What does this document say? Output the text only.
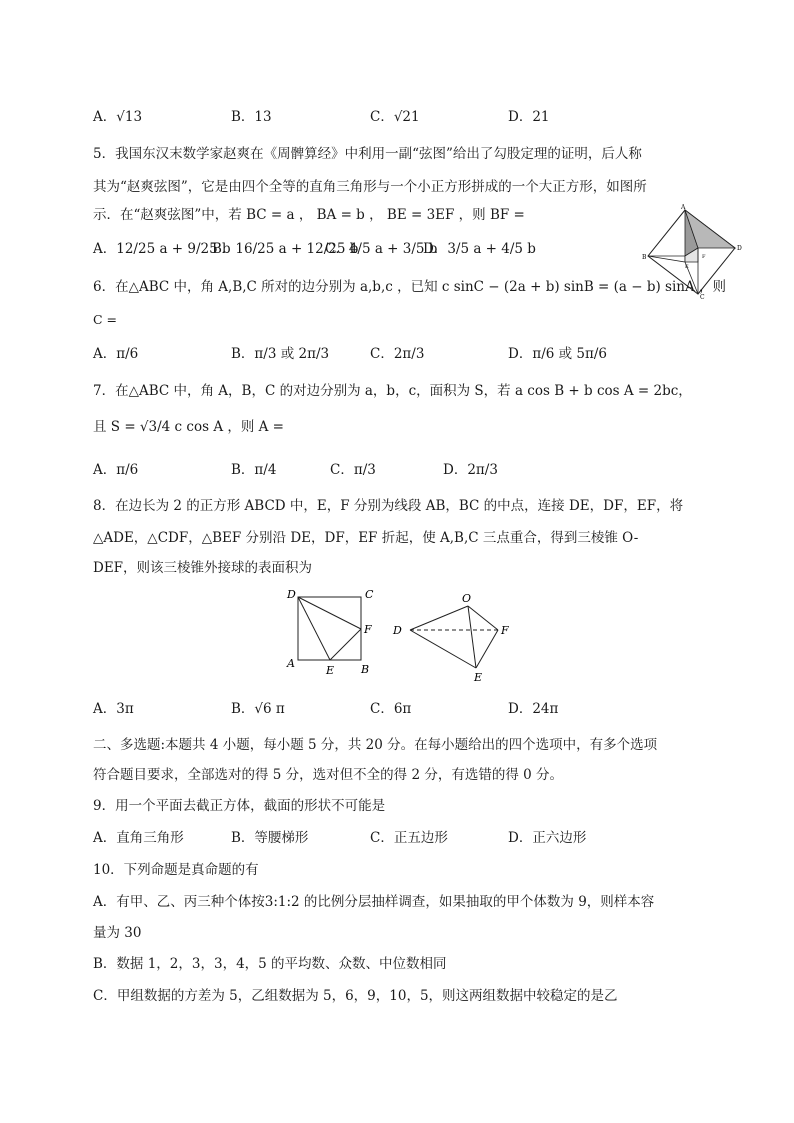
A．√13	B．13	C．√21	D．21
5．我国东汉末数学家赵爽在《周髀算经》中利用一副“弦图”给出了勾股定理的证明，后人称
其为“赵爽弦图”，它是由四个全等的直角三角形与一个小正方形拼成的一个大正方形，如图所
示．在“赵爽弦图”中，若 BC = a ， BA = b ， BE = 3EF ，则 BF =
A．12/25 a + 9/25 b
B．16/25 a + 12/25 b
C．4/5 a + 3/5 b
D．3/5 a + 4/5 b
A
B
C
D
E
F
6．在△ABC 中，角 A,B,C 所对的边分别为 a,b,c ，已知 c sinC − (2a + b) sinB = (a − b) sinA ，则
C =
A．π/6	B．π/3 或 2π/3	C．2π/3	D．π/6 或 5π/6
7．在△ABC 中，角 A，B，C 的对边分别为 a，b，c，面积为 S，若 a cos B + b cos A = 2bc，
且 S = √3/4 c cos A ，则 A =
A．π/6	B．π/4	C．π/3	D．2π/3
8．在边长为 2 的正方形 ABCD 中，E，F 分别为线段 AB，BC 的中点，连接 DE，DF，EF，将
△ADE，△CDF，△BEF 分别沿 DE，DF，EF 折起，使 A,B,C 三点重合，得到三棱锥 O-
DEF，则该三棱锥外接球的表面积为
D	C
A	B
E
F
O
D	F
E
A．3π	B．√6 π	C．6π	D．24π
二、多选题:本题共 4 小题，每小题 5 分，共 20 分。在每小题给出的四个选项中，有多个选项
符合题目要求，全部选对的得 5 分，选对但不全的得 2 分，有选错的得 0 分。
9．用一个平面去截正方体，截面的形状不可能是
A．直角三角形	B．等腰梯形	C．正五边形	D．正六边形
10．下列命题是真命题的有
A．有甲、乙、丙三种个体按3:1:2 的比例分层抽样调查，如果抽取的甲个体数为 9，则样本容
量为 30
B．数据 1，2，3，3，4，5 的平均数、众数、中位数相同
C．甲组数据的方差为 5，乙组数据为 5，6，9，10，5，则这两组数据中较稳定的是乙
